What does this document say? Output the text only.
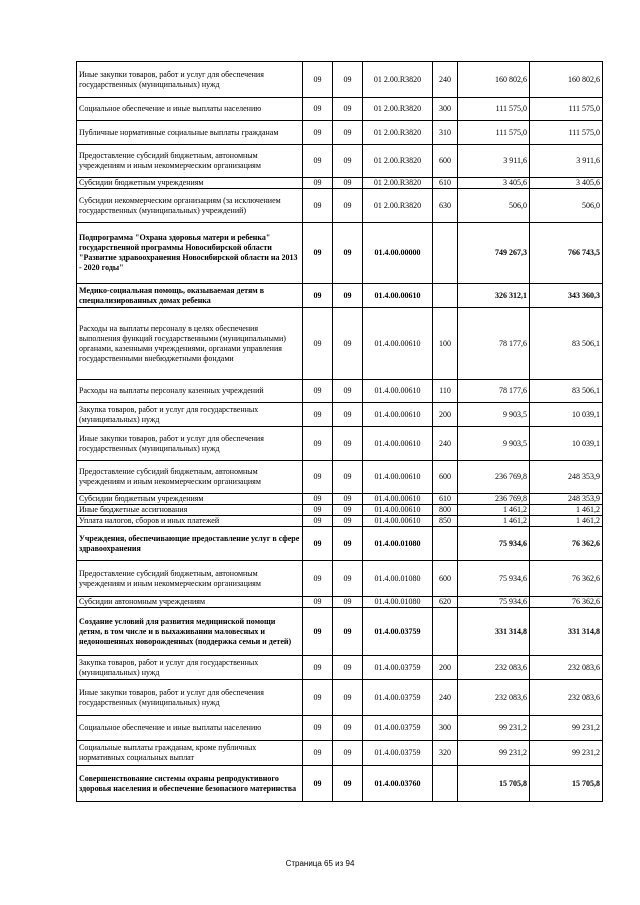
Иные закупки товаров, работ и услуг для обеспечения государственных (муниципальных) нужд	09	09	01 2.00.R3820	240	160 802,6	160 802,6
Социальное обеспечение и иные выплаты населению	09	09	01 2.00.R3820	300	111 575,0	111 575,0
Публичные нормативные социальные выплаты гражданам	09	09	01 2.00.R3820	310	111 575,0	111 575,0
Предоставление субсидий бюджетным, автономным учреждениям и иным некоммерческим организациям	09	09	01 2.00.R3820	600	3 911,6	3 911,6
Субсидии бюджетным учреждениям	09	09	01 2.00.R3820	610	3 405,6	3 405,6
Субсидии некоммерческим организациям (за исключением государственных (муниципальных) учреждений)	09	09	01 2.00.R3820	630	506,0	506,0
Подпрограмма "Охрана здоровья матери и ребенка" государственной программы Новосибирской области "Развитие здравоохранения Новосибирской области на 2013 - 2020 годы"	09	09	01.4.00.00000		749 267,3	766 743,5
Медико-социальная помощь, оказываемая детям в специализированных домах ребенка	09	09	01.4.00.00610		326 312,1	343 360,3
Расходы на выплаты персоналу в целях обеспечения выполнения функций государственными (муниципальными) органами, казенными учреждениями, органами управления государственными внебюджетными фондами	09	09	01.4.00.00610	100	78 177,6	83 506,1
Расходы на выплаты персоналу казенных учреждений	09	09	01.4.00.00610	110	78 177,6	83 506,1
Закупка товаров, работ и услуг для государственных (муниципальных) нужд	09	09	01.4.00.00610	200	9 903,5	10 039,1
Иные закупки товаров, работ и услуг для обеспечения государственных (муниципальных) нужд	09	09	01.4.00.00610	240	9 903,5	10 039,1
Предоставление субсидий бюджетным, автономным учреждениям и иным некоммерческим организациям	09	09	01.4.00.00610	600	236 769,8	248 353,9
Субсидии бюджетным учреждениям	09	09	01.4.00.00610	610	236 769,8	248 353,9
Иные бюджетные ассигнования	09	09	01.4.00.00610	800	1 461,2	1 461,2
Уплата налогов, сборов и иных платежей	09	09	01.4.00.00610	850	1 461,2	1 461,2
Учреждения, обеспечивающие предоставление услуг в сфере здравоохранения	09	09	01.4.00.01080		75 934,6	76 362,6
Предоставление субсидий бюджетным, автономным учреждениям и иным некоммерческим организациям	09	09	01.4.00.01080	600	75 934,6	76 362,6
Субсидии автономным учреждениям	09	09	01.4.00.01080	620	75 934,6	76 362,6
Создание условий для развития медицинской помощи детям, в том числе и в выхаживании маловесных и недоношенных новорожденных (поддержка семьи и детей)	09	09	01.4.00.03759		331 314,8	331 314,8
Закупка товаров, работ и услуг для государственных (муниципальных) нужд	09	09	01.4.00.03759	200	232 083,6	232 083,6
Иные закупки товаров, работ и услуг для обеспечения государственных (муниципальных) нужд	09	09	01.4.00.03759	240	232 083,6	232 083,6
Социальное обеспечение и иные выплаты населению	09	09	01.4.00.03759	300	99 231,2	99 231,2
Социальные выплаты гражданам, кроме публичных нормативных социальных выплат	09	09	01.4.00.03759	320	99 231,2	99 231,2
Совершенствование системы охраны репродуктивного здоровья населения и обеспечение безопасного материнства	09	09	01.4.00.03760		15 705,8	15 705,8
Страница 65 из 94
